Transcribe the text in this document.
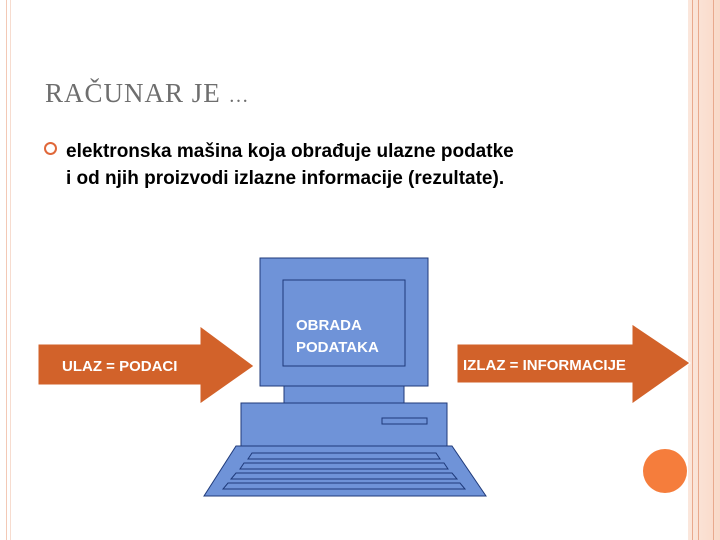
RAČUNAR JE …
elektronska mašina koja obrađuje ulazne podatke
i od njih proizvodi izlazne informacije (rezultate).
ULAZ = PODACI
OBRADA
PODATAKA
IZLAZ = INFORMACIJE
